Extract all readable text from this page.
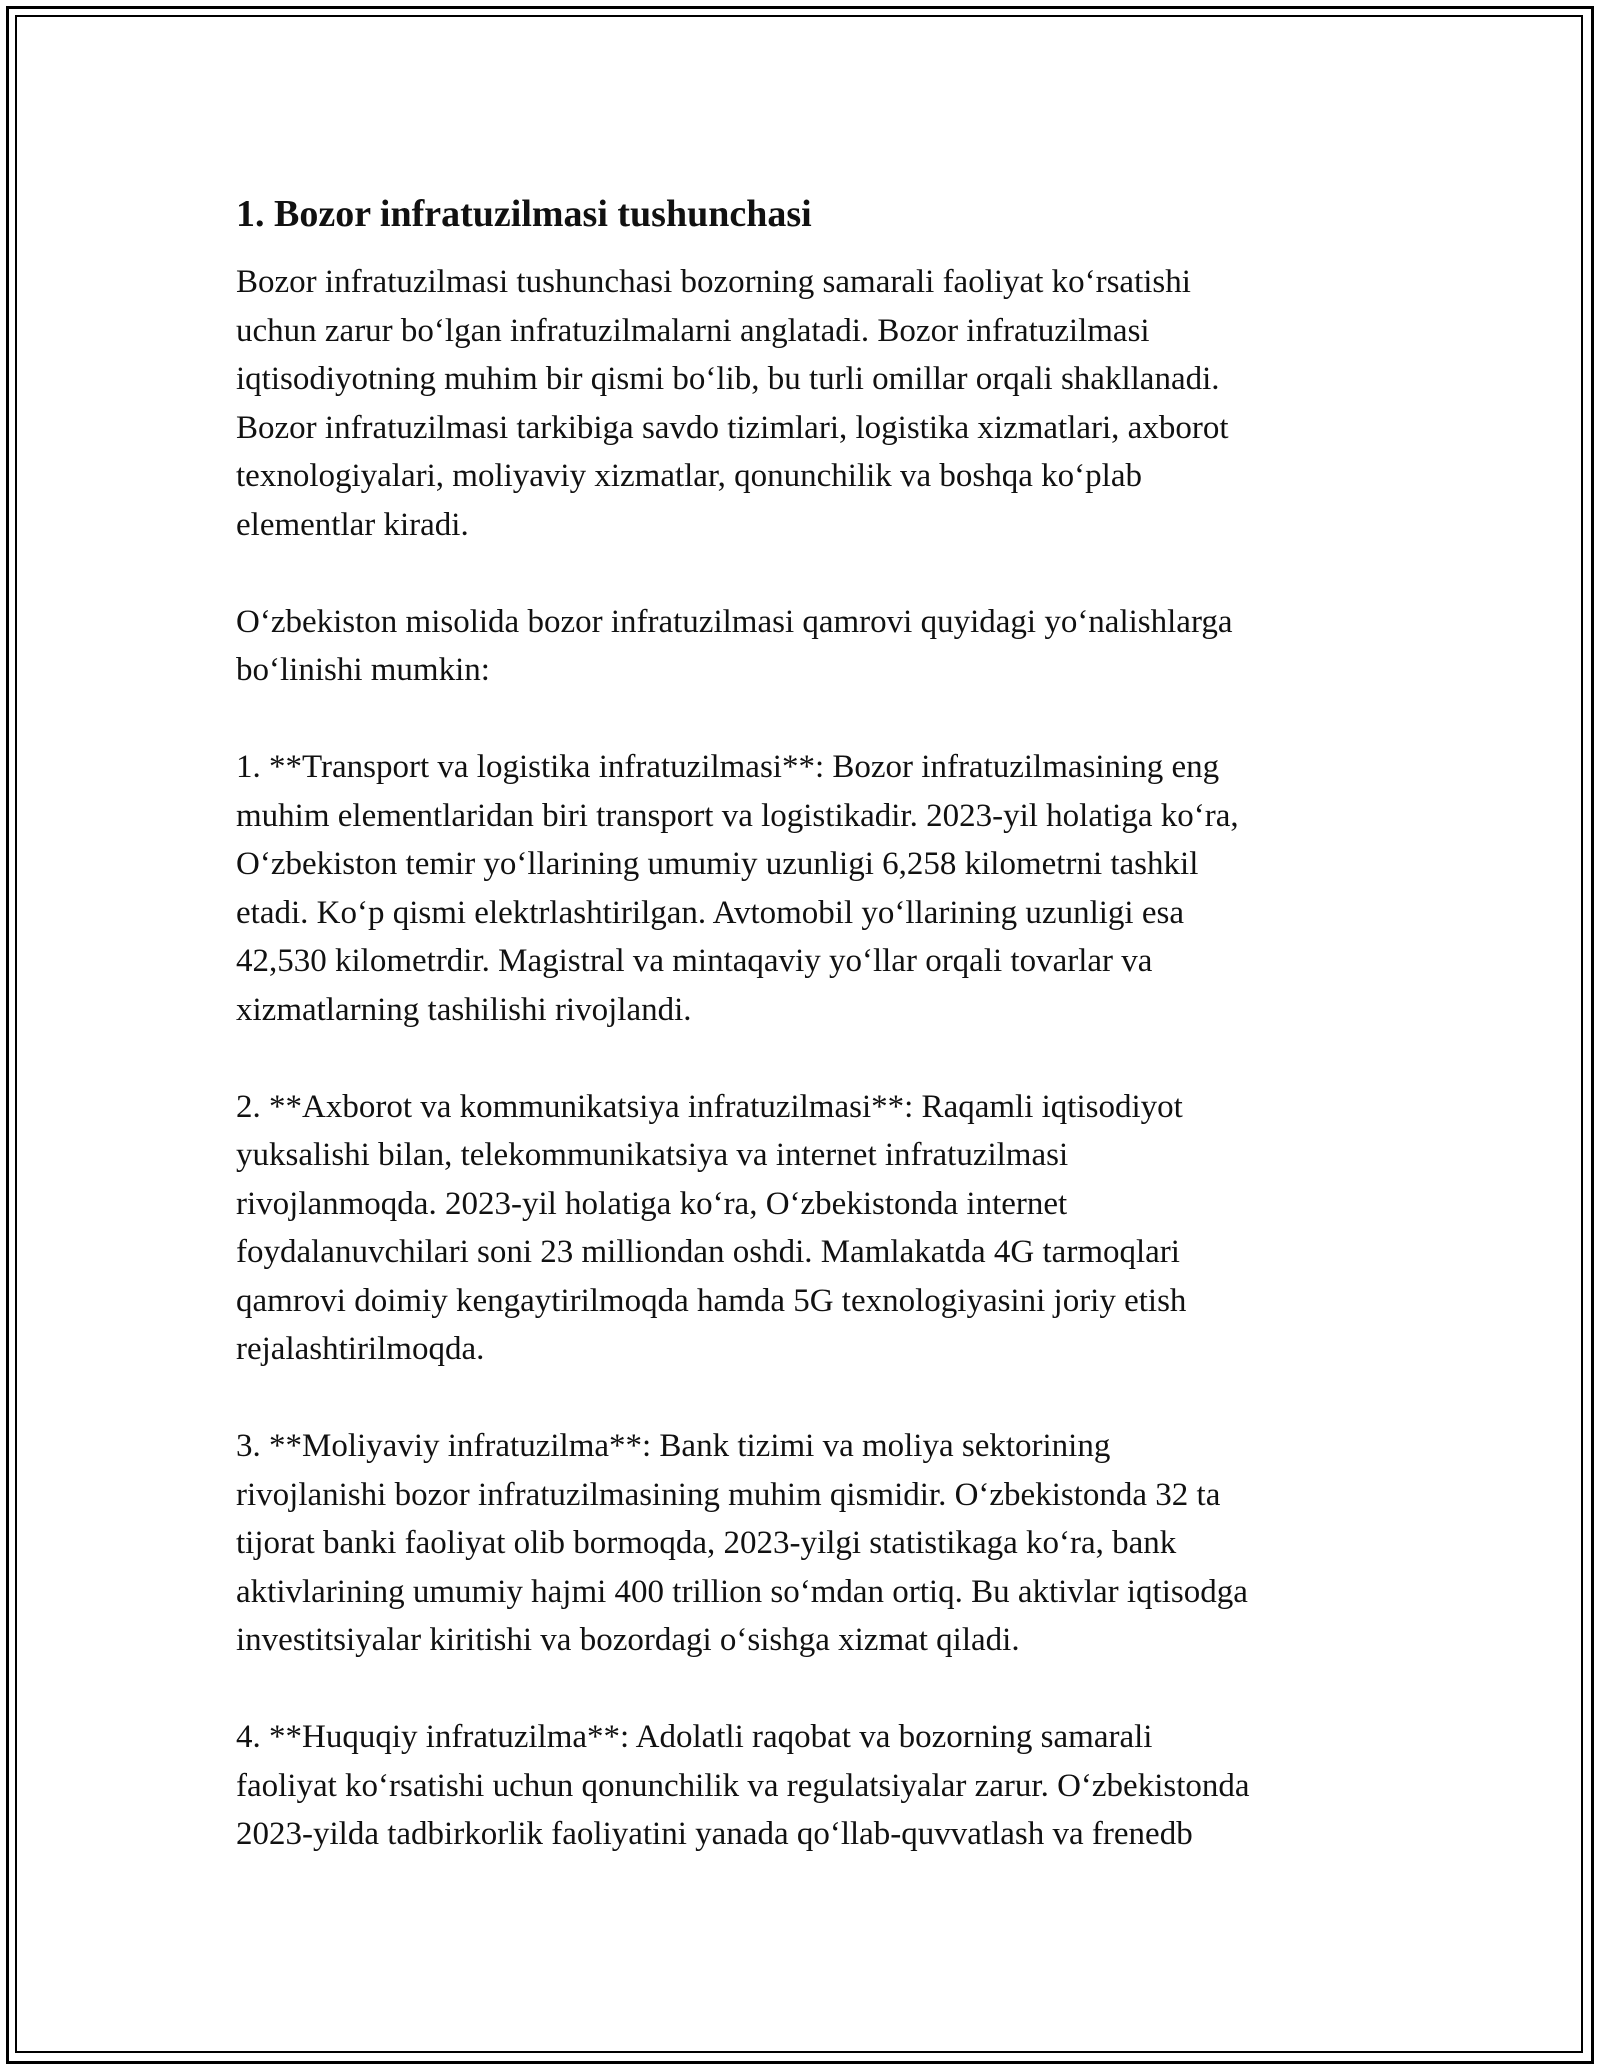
1. Bozor infratuzilmasi tushunchasi

Bozor infratuzilmasi tushunchasi bozorning samarali faoliyat ko‘rsatishi
uchun zarur bo‘lgan infratuzilmalarni anglatadi. Bozor infratuzilmasi
iqtisodiyotning muhim bir qismi bo‘lib, bu turli omillar orqali shakllanadi.
Bozor infratuzilmasi tarkibiga savdo tizimlari, logistika xizmatlari, axborot
texnologiyalari, moliyaviy xizmatlar, qonunchilik va boshqa ko‘plab
elementlar kiradi.

O‘zbekiston misolida bozor infratuzilmasi qamrovi quyidagi yo‘nalishlarga
bo‘linishi mumkin:

1. **Transport va logistika infratuzilmasi**: Bozor infratuzilmasining eng
muhim elementlaridan biri transport va logistikadir. 2023-yil holatiga ko‘ra,
O‘zbekiston temir yo‘llarining umumiy uzunligi 6,258 kilometrni tashkil
etadi. Ko‘p qismi elektrlashtirilgan. Avtomobil yo‘llarining uzunligi esa
42,530 kilometrdir. Magistral va mintaqaviy yo‘llar orqali tovarlar va
xizmatlarning tashilishi rivojlandi.

2. **Axborot va kommunikatsiya infratuzilmasi**: Raqamli iqtisodiyot
yuksalishi bilan, telekommunikatsiya va internet infratuzilmasi
rivojlanmoqda. 2023-yil holatiga ko‘ra, O‘zbekistonda internet
foydalanuvchilari soni 23 milliondan oshdi. Mamlakatda 4G tarmoqlari
qamrovi doimiy kengaytirilmoqda hamda 5G texnologiyasini joriy etish
rejalashtirilmoqda.

3. **Moliyaviy infratuzilma**: Bank tizimi va moliya sektorining
rivojlanishi bozor infratuzilmasining muhim qismidir. O‘zbekistonda 32 ta
tijorat banki faoliyat olib bormoqda, 2023-yilgi statistikaga ko‘ra, bank
aktivlarining umumiy hajmi 400 trillion so‘mdan ortiq. Bu aktivlar iqtisodga
investitsiyalar kiritishi va bozordagi o‘sishga xizmat qiladi.

4. **Huquqiy infratuzilma**: Adolatli raqobat va bozorning samarali
faoliyat ko‘rsatishi uchun qonunchilik va regulatsiyalar zarur. O‘zbekistonda
2023-yilda tadbirkorlik faoliyatini yanada qo‘llab-quvvatlash va frenedb
